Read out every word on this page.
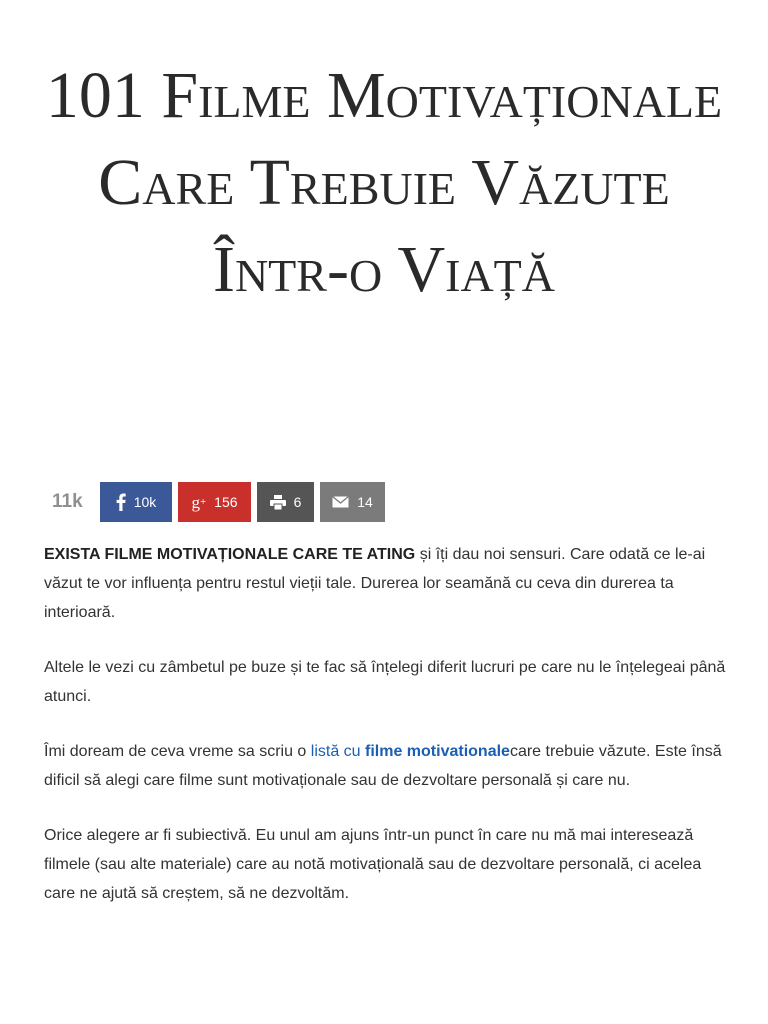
101 Filme Motivaționale Care Trebuie Văzute Într-o Viață
11k	10k g + 156	6	14

EXISTA FILME MOTIVAȚIONALE CARE TE ATING și îți dau noi sensuri. Care odată ce le-ai văzut te vor influența pentru restul vieții tale. Durerea lor seamănă cu ceva din durerea ta interioară.

Altele le vezi cu zâmbetul pe buze și te fac să înțelegi diferit lucruri pe care nu le înțelegeai până atunci.

Îmi doream de ceva vreme sa scriu o listă cu filme motivationalecare trebuie văzute. Este însă dificil să alegi care filme sunt motivaționale sau de dezvoltare personală și care nu.

Orice alegere ar fi subiectivă. Eu unul am ajuns într-un punct în care nu mă mai interesează filmele (sau alte materiale) care au notă motivațională sau de dezvoltare personală, ci acelea care ne ajută să creștem, să ne dezvoltăm.
